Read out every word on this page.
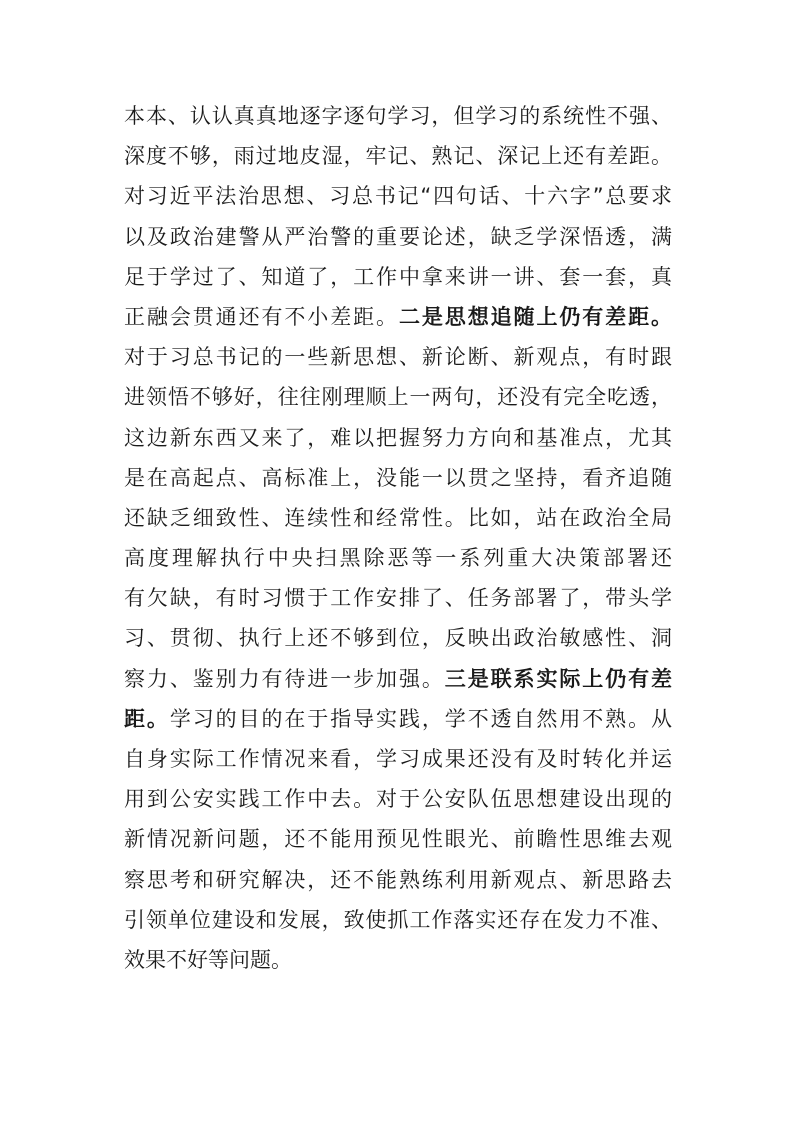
本本、认认真真地逐字逐句学习，但学习的系统性不强、
深度不够，雨过地皮湿，牢记、熟记、深记上还有差距。
对习近平法治思想、习总书记“四句话、十六字”总要求
以及政治建警从严治警的重要论述，缺乏学深悟透，满
足于学过了、知道了，工作中拿来讲一讲、套一套，真
正融会贯通还有不小差距。二是思想追随上仍有差距。
对于习总书记的一些新思想、新论断、新观点，有时跟
进领悟不够好，往往刚理顺上一两句，还没有完全吃透，
这边新东西又来了，难以把握努力方向和基准点，尤其
是在高起点、高标准上，没能一以贯之坚持，看齐追随
还缺乏细致性、连续性和经常性。比如，站在政治全局
高度理解执行中央扫黑除恶等一系列重大决策部署还
有欠缺，有时习惯于工作安排了、任务部署了，带头学
习、贯彻、执行上还不够到位，反映出政治敏感性、洞
察力、鉴别力有待进一步加强。三是联系实际上仍有差
距。学习的目的在于指导实践，学不透自然用不熟。从
自身实际工作情况来看，学习成果还没有及时转化并运
用到公安实践工作中去。对于公安队伍思想建设出现的
新情况新问题，还不能用预见性眼光、前瞻性思维去观
察思考和研究解决，还不能熟练利用新观点、新思路去
引领单位建设和发展，致使抓工作落实还存在发力不准、
效果不好等问题。
